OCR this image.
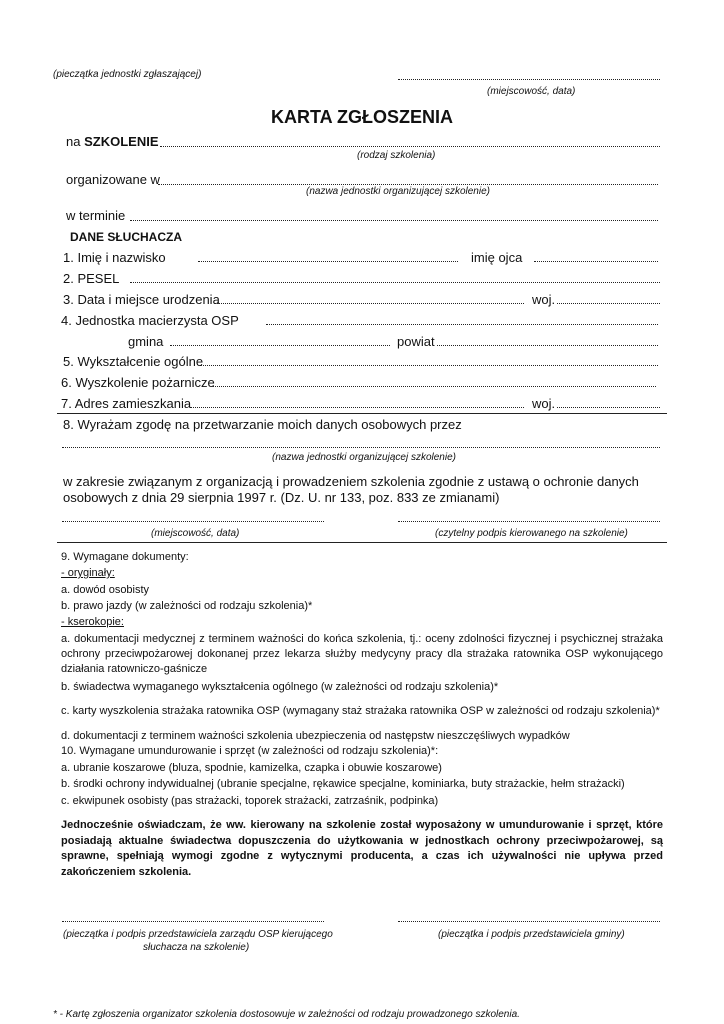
(pieczątka jednostki zgłaszającej)
(miejscowość, data)
KARTA ZGŁOSZENIA
na SZKOLENIE
(rodzaj szkolenia)
organizowane w
(nazwa jednostki organizującej szkolenie)
w terminie
DANE SŁUCHACZA
1. Imię i nazwisko	imię ojca
2. PESEL
3. Data i miejsce urodzenia	woj.
4. Jednostka macierzysta OSP
gmina	powiat
5. Wykształcenie ogólne
6. Wyszkolenie pożarnicze
7. Adres zamieszkania	woj.
8. Wyrażam zgodę na przetwarzanie moich danych osobowych przez
(nazwa jednostki organizującej szkolenie)
w zakresie związanym z organizacją i prowadzeniem szkolenia zgodnie z ustawą o ochronie danych osobowych z dnia 29 sierpnia 1997 r. (Dz. U. nr 133, poz. 833 ze zmianami)
(miejscowość, data)	(czytelny podpis kierowanego na szkolenie)
9. Wymagane dokumenty:
- oryginały:
a. dowód osobisty
b. prawo jazdy (w zależności od rodzaju szkolenia)*
- kserokopie:
a. dokumentacji medycznej z terminem ważności do końca szkolenia, tj.: oceny zdolności fizycznej i psychicznej strażaka ochrony przeciwpożarowej dokonanej przez lekarza służby medycyny pracy dla strażaka ratownika OSP wykonującego działania ratowniczo-gaśnicze
b. świadectwa wymaganego wykształcenia ogólnego (w zależności od rodzaju szkolenia)*
c. karty wyszkolenia strażaka ratownika OSP (wymagany staż strażaka ratownika OSP w zależności od rodzaju szkolenia)*
d. dokumentacji z terminem ważności szkolenia ubezpieczenia od następstw nieszczęśliwych wypadków
10. Wymagane umundurowanie i sprzęt (w zależności od rodzaju szkolenia)*:
a. ubranie koszarowe (bluza, spodnie, kamizelka, czapka i obuwie koszarowe)
b. środki ochrony indywidualnej (ubranie specjalne, rękawice specjalne, kominiarka, buty strażackie, hełm strażacki)
c. ekwipunek osobisty (pas strażacki, toporek strażacki, zatrzaśnik, podpinka)
Jednocześnie oświadczam, że ww. kierowany na szkolenie został wyposażony w umundurowanie i sprzęt, które posiadają aktualne świadectwa dopuszczenia do użytkowania w jednostkach ochrony przeciwpożarowej, są sprawne, spełniają wymogi zgodne z wytycznymi producenta, a czas ich używalności nie upływa przed zakończeniem szkolenia.
(pieczątka i podpis przedstawiciela zarządu OSP kierującego
słuchacza na szkolenie)
(pieczątka i podpis przedstawiciela gminy)
* - Kartę zgłoszenia organizator szkolenia dostosowuje w zależności od rodzaju prowadzonego szkolenia.
